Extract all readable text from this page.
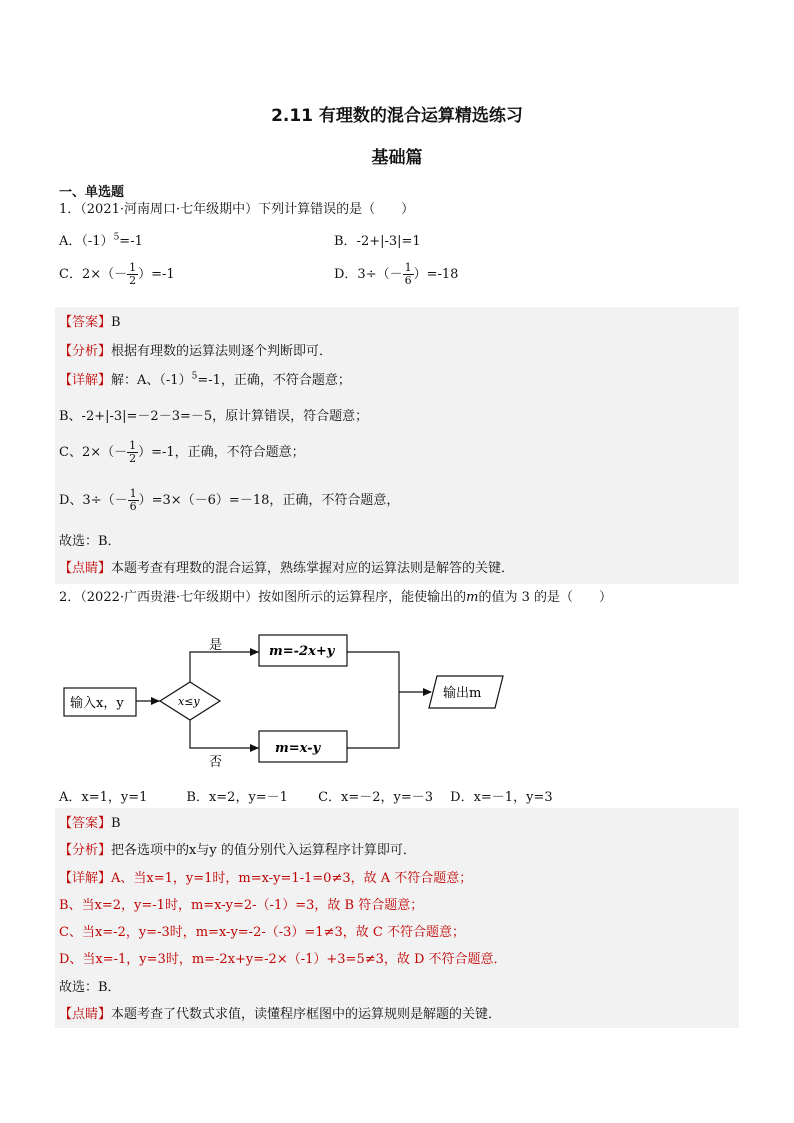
2.11 有理数的混合运算精选练习
基础篇
一、单选题
1．（2021·河南周口·七年级期中）下列计算错误的是（　　）
A．$(-1)^5=-1$	B．-2+|-3|=1
C．$2\times(- \frac{1}{2} )=-1$	D．$3\div(- \frac{1}{6} )=-18$
【答案】B
【分析】根据有理数的运算法则逐个判断即可．
【详解】解：A、$(-1)^5=-1$，正确，不符合题意；
B、-2+|-3|=－2－3=－5，原计算错误，符合题意；
C、$2\times(- \frac{1}{2} )=-1$，正确，不符合题意；
D、$3\div(- \frac{1}{6} )=3\times(-6)=-18$，正确，不符合题意，
故选：B．
【点睛】本题考查有理数的混合运算，熟练掌握对应的运算法则是解答的关键．
2．（2022·广西贵港·七年级期中）按如图所示的运算程序，能使输出的m的值为 3 的是（　　）
输入x，y	x≤y
是
否
m=-2x+y
m=x-y
输出m
A．x=1，y=1　　　B．x=2，y=－1　　 C．x=－2，y=－3　 D．x=－1，y=3
【答案】B
【分析】把各选项中的x与y 的值分别代入运算程序计算即可．
【详解】A、当x=1，y=1时，m=x-y=1-1=0≠3，故 A 不符合题意；
B、当x=2，y=-1时，m=x-y=2-（-1）=3，故 B 符合题意；
C、当x=-2，y=-3时，m=x-y=-2-（-3）=1≠3，故 C 不符合题意；
D、当x=-1，y=3时，m=-2x+y=-2×（-1）+3=5≠3，故 D 不符合题意．
故选：B．
【点睛】本题考查了代数式求值，读懂程序框图中的运算规则是解题的关键．
